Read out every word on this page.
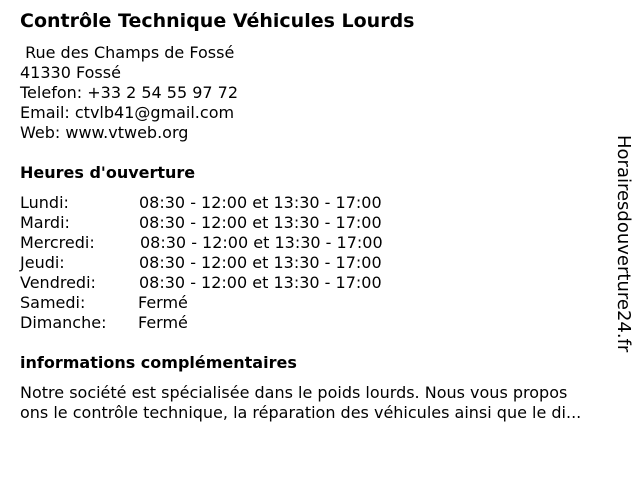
Contrôle Technique Véhicules Lourds
Rue des Champs de Fossé
41330 Fossé
Telefon: +33 2 54 55 97 72
Email: ctvlb41@gmail.com
Web: www.vtweb.org
Heures d'ouverture
Lundi:	08:30 - 12:00 et 13:30 - 17:00
Mardi:	08:30 - 12:00 et 13:30 - 17:00
Mercredi:	08:30 - 12:00 et 13:30 - 17:00
Jeudi:	08:30 - 12:00 et 13:30 - 17:00
Vendredi:	08:30 - 12:00 et 13:30 - 17:00
Samedi:	Fermé
Dimanche: Fermé
informations complémentaires
Notre société est spécialisée dans le poids lourds. Nous vous propos
ons le contrôle technique, la réparation des véhicules ainsi que le di...
Horairesdouverture24.fr
